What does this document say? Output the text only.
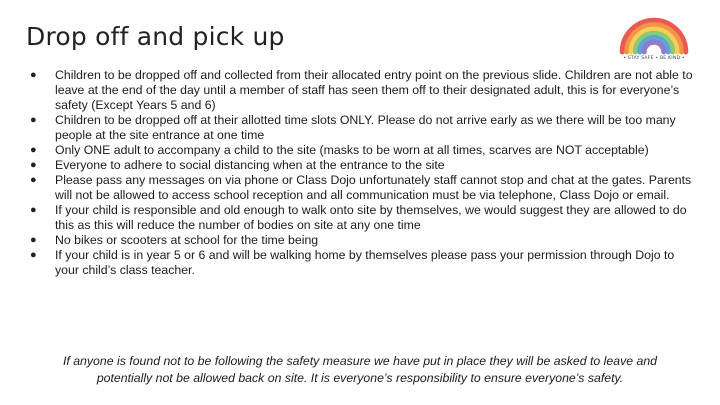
Drop off and pick up
• STAY SAFE • BE KIND •
● Children to be dropped off and collected from their allocated entry point on the previous slide. Children are not able to leave at the end of the day until a member of staff has seen them off to their designated adult, this is for everyone’s safety (Except Years 5 and 6)
● Children to be dropped off at their allotted time slots ONLY. Please do not arrive early as we there will be too many people at the site entrance at one time
● Only ONE adult to accompany a child to the site (masks to be worn at all times, scarves are NOT acceptable)
● Everyone to adhere to social distancing when at the entrance to the site
● Please pass any messages on via phone or Class Dojo unfortunately staff cannot stop and chat at the gates. Parents will not be allowed to access school reception and all communication must be via telephone, Class Dojo or email.
● If your child is responsible and old enough to walk onto site by themselves, we would suggest they are allowed to do this as this will reduce the number of bodies on site at any one time
● No bikes or scooters at school for the time being
● If your child is in year 5 or 6 and will be walking home by themselves please pass your permission through Dojo to your child’s class teacher.
If anyone is found not to be following the safety measure we have put in place they will be asked to leave and
potentially not be allowed back on site. It is everyone’s responsibility to ensure everyone’s safety.
